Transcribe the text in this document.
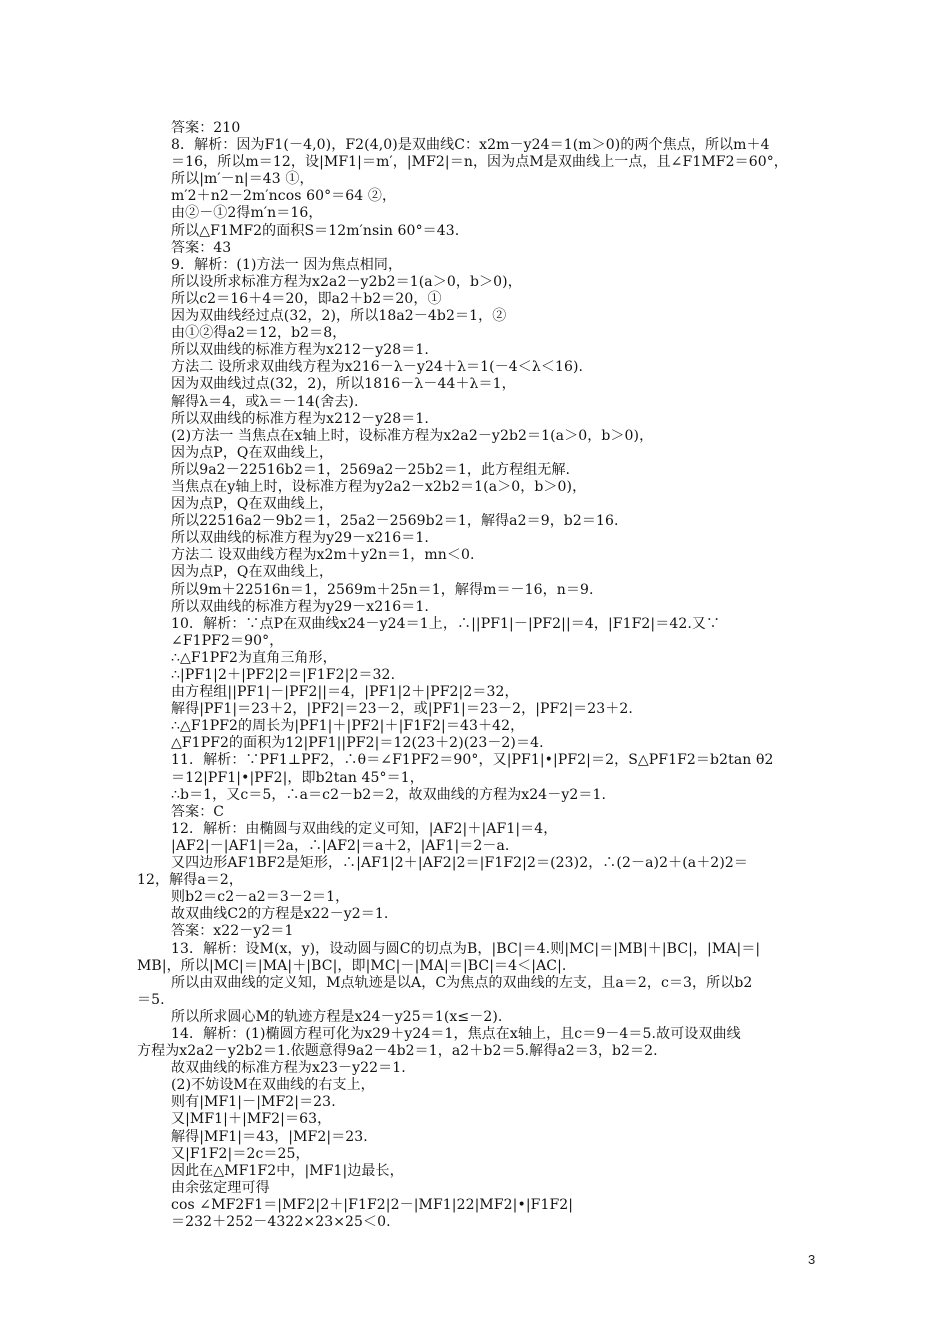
答案：210
8．解析：因为F1(－4,0)，F2(4,0)是双曲线C：x2m－y24＝1(m＞0)的两个焦点，所以m＋4
＝16，所以m＝12，设|MF1|＝m′，|MF2|＝n，因为点M是双曲线上一点，且∠F1MF2＝60°，
所以|m′－n|＝43 ①，
m′2＋n2－2m′ncos 60°＝64 ②，
由②－①2得m′n＝16，
所以△F1MF2的面积S＝12m′nsin 60°＝43.
答案：43
9．解析：(1)方法一 因为焦点相同，
所以设所求标准方程为x2a2－y2b2＝1(a＞0，b＞0)，
所以c2＝16＋4＝20，即a2＋b2＝20，①
因为双曲线经过点(32，2)，所以18a2－4b2＝1，②
由①②得a2＝12，b2＝8，
所以双曲线的标准方程为x212－y28＝1.
方法二 设所求双曲线方程为x216－λ－y24＋λ＝1(－4＜λ＜16).
因为双曲线过点(32，2)，所以1816－λ－44＋λ＝1，
解得λ＝4，或λ＝－14(舍去).
所以双曲线的标准方程为x212－y28＝1.
(2)方法一 当焦点在x轴上时，设标准方程为x2a2－y2b2＝1(a＞0，b＞0)，
因为点P，Q在双曲线上，
所以9a2－22516b2＝1，2569a2－25b2＝1，此方程组无解.
当焦点在y轴上时，设标准方程为y2a2－x2b2＝1(a＞0，b＞0)，
因为点P，Q在双曲线上，
所以22516a2－9b2＝1，25a2－2569b2＝1，解得a2＝9，b2＝16.
所以双曲线的标准方程为y29－x216＝1.
方法二 设双曲线方程为x2m＋y2n＝1，mn＜0.
因为点P，Q在双曲线上，
所以9m＋22516n＝1，2569m＋25n＝1，解得m＝－16，n＝9.
所以双曲线的标准方程为y29－x216＝1.
10．解析：∵点P在双曲线x24－y24＝1上，∴||PF1|－|PF2||＝4，|F1F2|＝42.又∵
∠F1PF2＝90°，
∴△F1PF2为直角三角形，
∴|PF1|2＋|PF2|2＝|F1F2|2＝32.
由方程组||PF1|－|PF2||＝4，|PF1|2＋|PF2|2＝32，
解得|PF1|＝23＋2，|PF2|＝23－2，或|PF1|＝23－2，|PF2|＝23＋2.
∴△F1PF2的周长为|PF1|＋|PF2|＋|F1F2|＝43＋42，
△F1PF2的面积为12|PF1||PF2|＝12(23＋2)(23－2)＝4.
11．解析：∵PF1⊥PF2，∴θ＝∠F1PF2＝90°，又|PF1|•|PF2|＝2，S△PF1F2＝b2tan θ2
＝12|PF1|•|PF2|，即b2tan 45°＝1，
∴b＝1，又c＝5，∴a＝c2－b2＝2，故双曲线的方程为x24－y2＝1.
答案：C
12．解析：由椭圆与双曲线的定义可知，|AF2|＋|AF1|＝4，
|AF2|－|AF1|＝2a，∴|AF2|＝a＋2，|AF1|＝2－a.
又四边形AF1BF2是矩形，∴|AF1|2＋|AF2|2＝|F1F2|2＝(23)2，∴(2－a)2＋(a＋2)2＝
12，解得a＝2，
则b2＝c2－a2＝3－2＝1，
故双曲线C2的方程是x22－y2＝1.
答案：x22－y2＝1
13．解析：设M(x，y)，设动圆与圆C的切点为B，|BC|＝4.则|MC|＝|MB|＋|BC|，|MA|＝|
MB|，所以|MC|＝|MA|＋|BC|，即|MC|－|MA|＝|BC|＝4＜|AC|.
所以由双曲线的定义知，M点轨迹是以A，C为焦点的双曲线的左支，且a＝2，c＝3，所以b2
＝5.
所以所求圆心M的轨迹方程是x24－y25＝1(x≤－2).
14．解析：(1)椭圆方程可化为x29＋y24＝1，焦点在x轴上，且c＝9－4＝5.故可设双曲线
方程为x2a2－y2b2＝1.依题意得9a2－4b2＝1，a2＋b2＝5.解得a2＝3，b2＝2.
故双曲线的标准方程为x23－y22＝1.
(2)不妨设M在双曲线的右支上，
则有|MF1|－|MF2|＝23.
又|MF1|＋|MF2|＝63，
解得|MF1|＝43，|MF2|＝23.
又|F1F2|＝2c＝25，
因此在△MF1F2中，|MF1|边最长，
由余弦定理可得
cos ∠MF2F1＝|MF2|2＋|F1F2|2－|MF1|22|MF2|•|F1F2|
＝232＋252－4322×23×25＜0.
3
